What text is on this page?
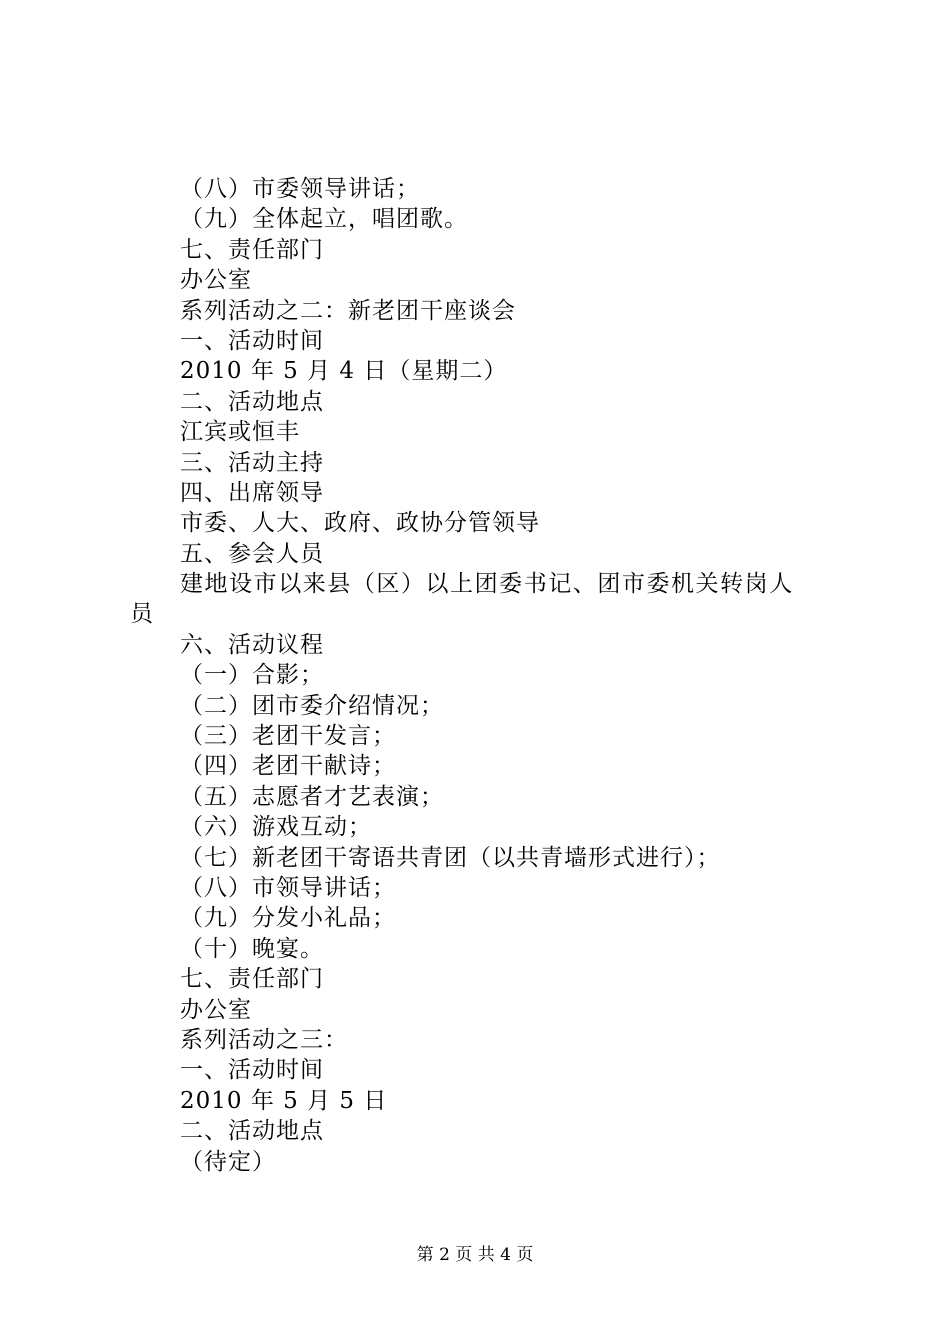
（八）市委领导讲话；
（九）全体起立，唱团歌。
七、责任部门
办公室
系列活动之二：新老团干座谈会
一、活动时间
2010 年 5 月 4 日（星期二）
二、活动地点
江宾或恒丰
三、活动主持
四、出席领导
市委、人大、政府、政协分管领导
五、参会人员
建地设市以来县（区）以上团委书记、团市委机关转岗人
员
六、活动议程
（一）合影；
（二）团市委介绍情况；
（三）老团干发言；
（四）老团干献诗；
（五）志愿者才艺表演；
（六）游戏互动；
（七）新老团干寄语共青团（以共青墙形式进行）；
（八）市领导讲话；
（九）分发小礼品；
（十）晚宴。
七、责任部门
办公室
系列活动之三：
一、活动时间
2010 年 5 月 5 日
二、活动地点
（待定）
第 2 页 共 4 页
